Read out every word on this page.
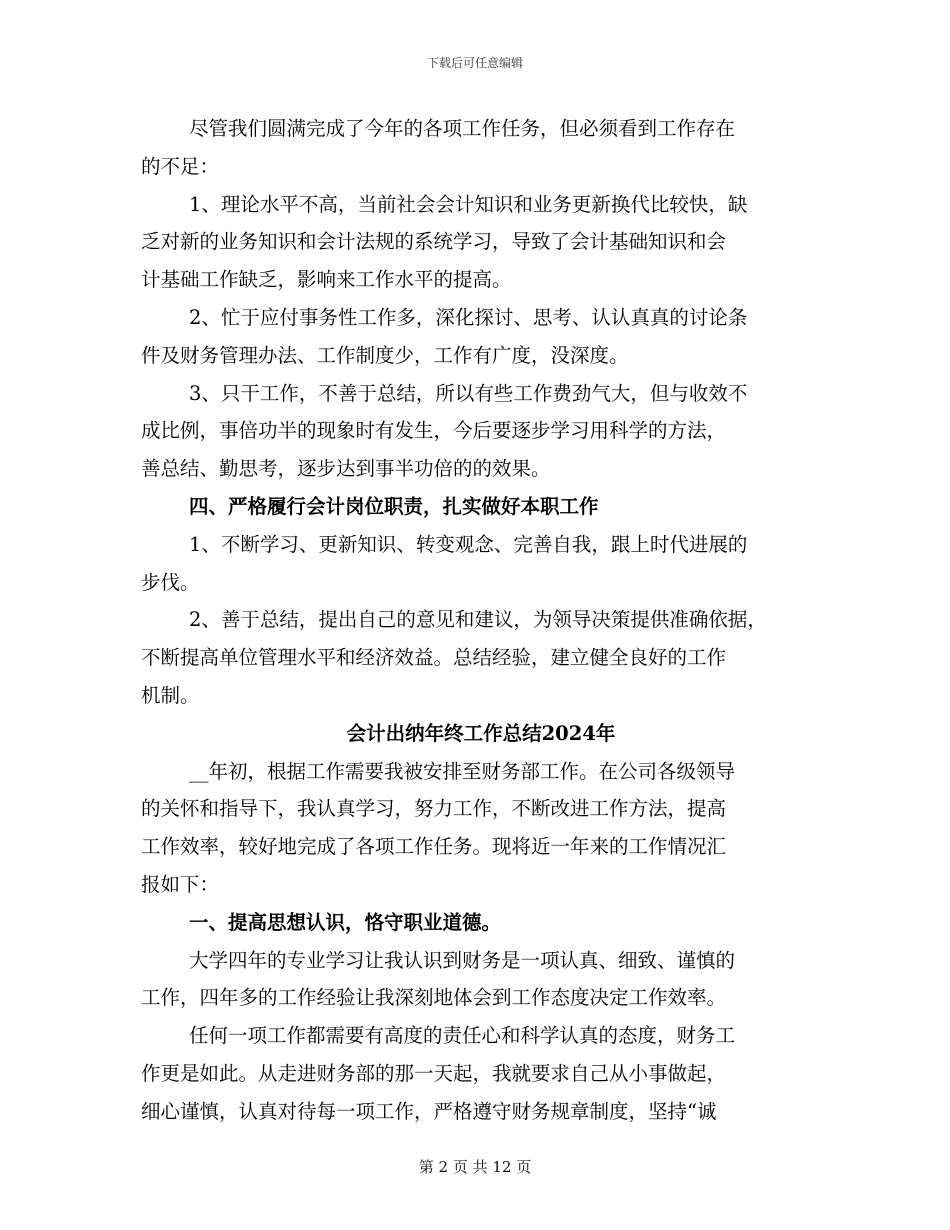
下载后可任意编辑
尽管我们圆满完成了今年的各项工作任务，但必须看到工作存在
的不足：
1、理论水平不高，当前社会会计知识和业务更新换代比较快，缺
乏对新的业务知识和会计法规的系统学习，导致了会计基础知识和会
计基础工作缺乏，影响来工作水平的提高。
2、忙于应付事务性工作多，深化探讨、思考、认认真真的讨论条
件及财务管理办法、工作制度少，工作有广度，没深度。
3、只干工作，不善于总结，所以有些工作费劲气大，但与收效不
成比例，事倍功半的现象时有发生，今后要逐步学习用科学的方法，
善总结、勤思考，逐步达到事半功倍的的效果。
四、严格履行会计岗位职责，扎实做好本职工作
1、不断学习、更新知识、转变观念、完善自我，跟上时代进展的
步伐。
2、善于总结，提出自己的意见和建议，为领导决策提供准确依据，
不断提高单位管理水平和经济效益。总结经验，建立健全良好的工作
机制。
会计出纳年终工作总结2024年
__年初，根据工作需要我被安排至财务部工作。在公司各级领导
的关怀和指导下，我认真学习，努力工作，不断改进工作方法，提高
工作效率，较好地完成了各项工作任务。现将近一年来的工作情况汇
报如下：
一、提高思想认识，恪守职业道德。
大学四年的专业学习让我认识到财务是一项认真、细致、谨慎的
工作，四年多的工作经验让我深刻地体会到工作态度决定工作效率。
任何一项工作都需要有高度的责任心和科学认真的态度，财务工
作更是如此。从走进财务部的那一天起，我就要求自己从小事做起，
细心谨慎，认真对待每一项工作，严格遵守财务规章制度，坚持“诚
第 2 页 共 12 页
